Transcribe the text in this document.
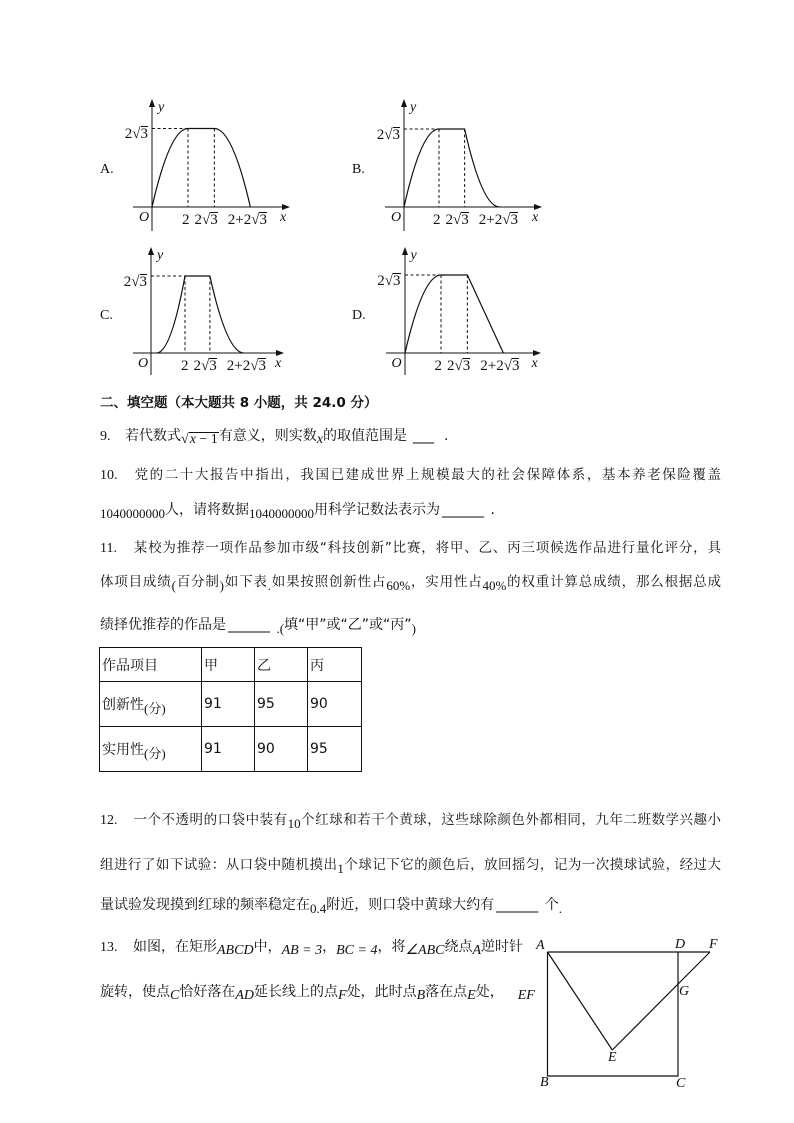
A.
y
O	x
2√3
2 2√3 2+2√3
B.
y
O	x
2√3
2 2√3 2+2√3
C.
y
O	x
2√3
2 2√3 2+2√3
D.
y
O	x
2√3
2 2√3 2+2√3
二、填空题（本大题共 8 小题，共 24.0 分）
9. 若代数式√x − 1有意义，则实数x的取值范围是 ___ .
10. 党的二十大报告中指出，我国已建成世界上规模最大的社会保障体系，基本养老保险覆盖
1040000000人，请将数据1040000000用科学记数法表示为 ______ .
11. 某校为推荐一项作品参加市级“科技创新”比赛，将甲、乙、丙三项候选作品进行量化评分，具
体项目成绩(百分制)如下表.如果按照创新性占60%，实用性占40%的权重计算总成绩，那么根据总成
绩择优推荐的作品是 ______ .(填“甲”或“乙”或“丙”)
作品项目	甲	乙	丙
创新性(分)	91	95	90
实用性(分)	91	90	95
12. 一个不透明的口袋中装有10个红球和若干个黄球，这些球除颜色外都相同，九年二班数学兴趣小
组进行了如下试验：从口袋中随机摸出1个球记下它的颜色后，放回摇匀，记为一次摸球试验，经过大
量试验发现摸到红球的频率稳定在0.4附近，则口袋中黄球大约有 ______ 个.
13. 如图，在矩形ABCD中，AB = 3，BC = 4，将∠ABC绕点A逆时针
旋转，使点C恰好落在AD延长线上的点F处，此时点B落在点E处， EF
A	D F
G
E
B	C
